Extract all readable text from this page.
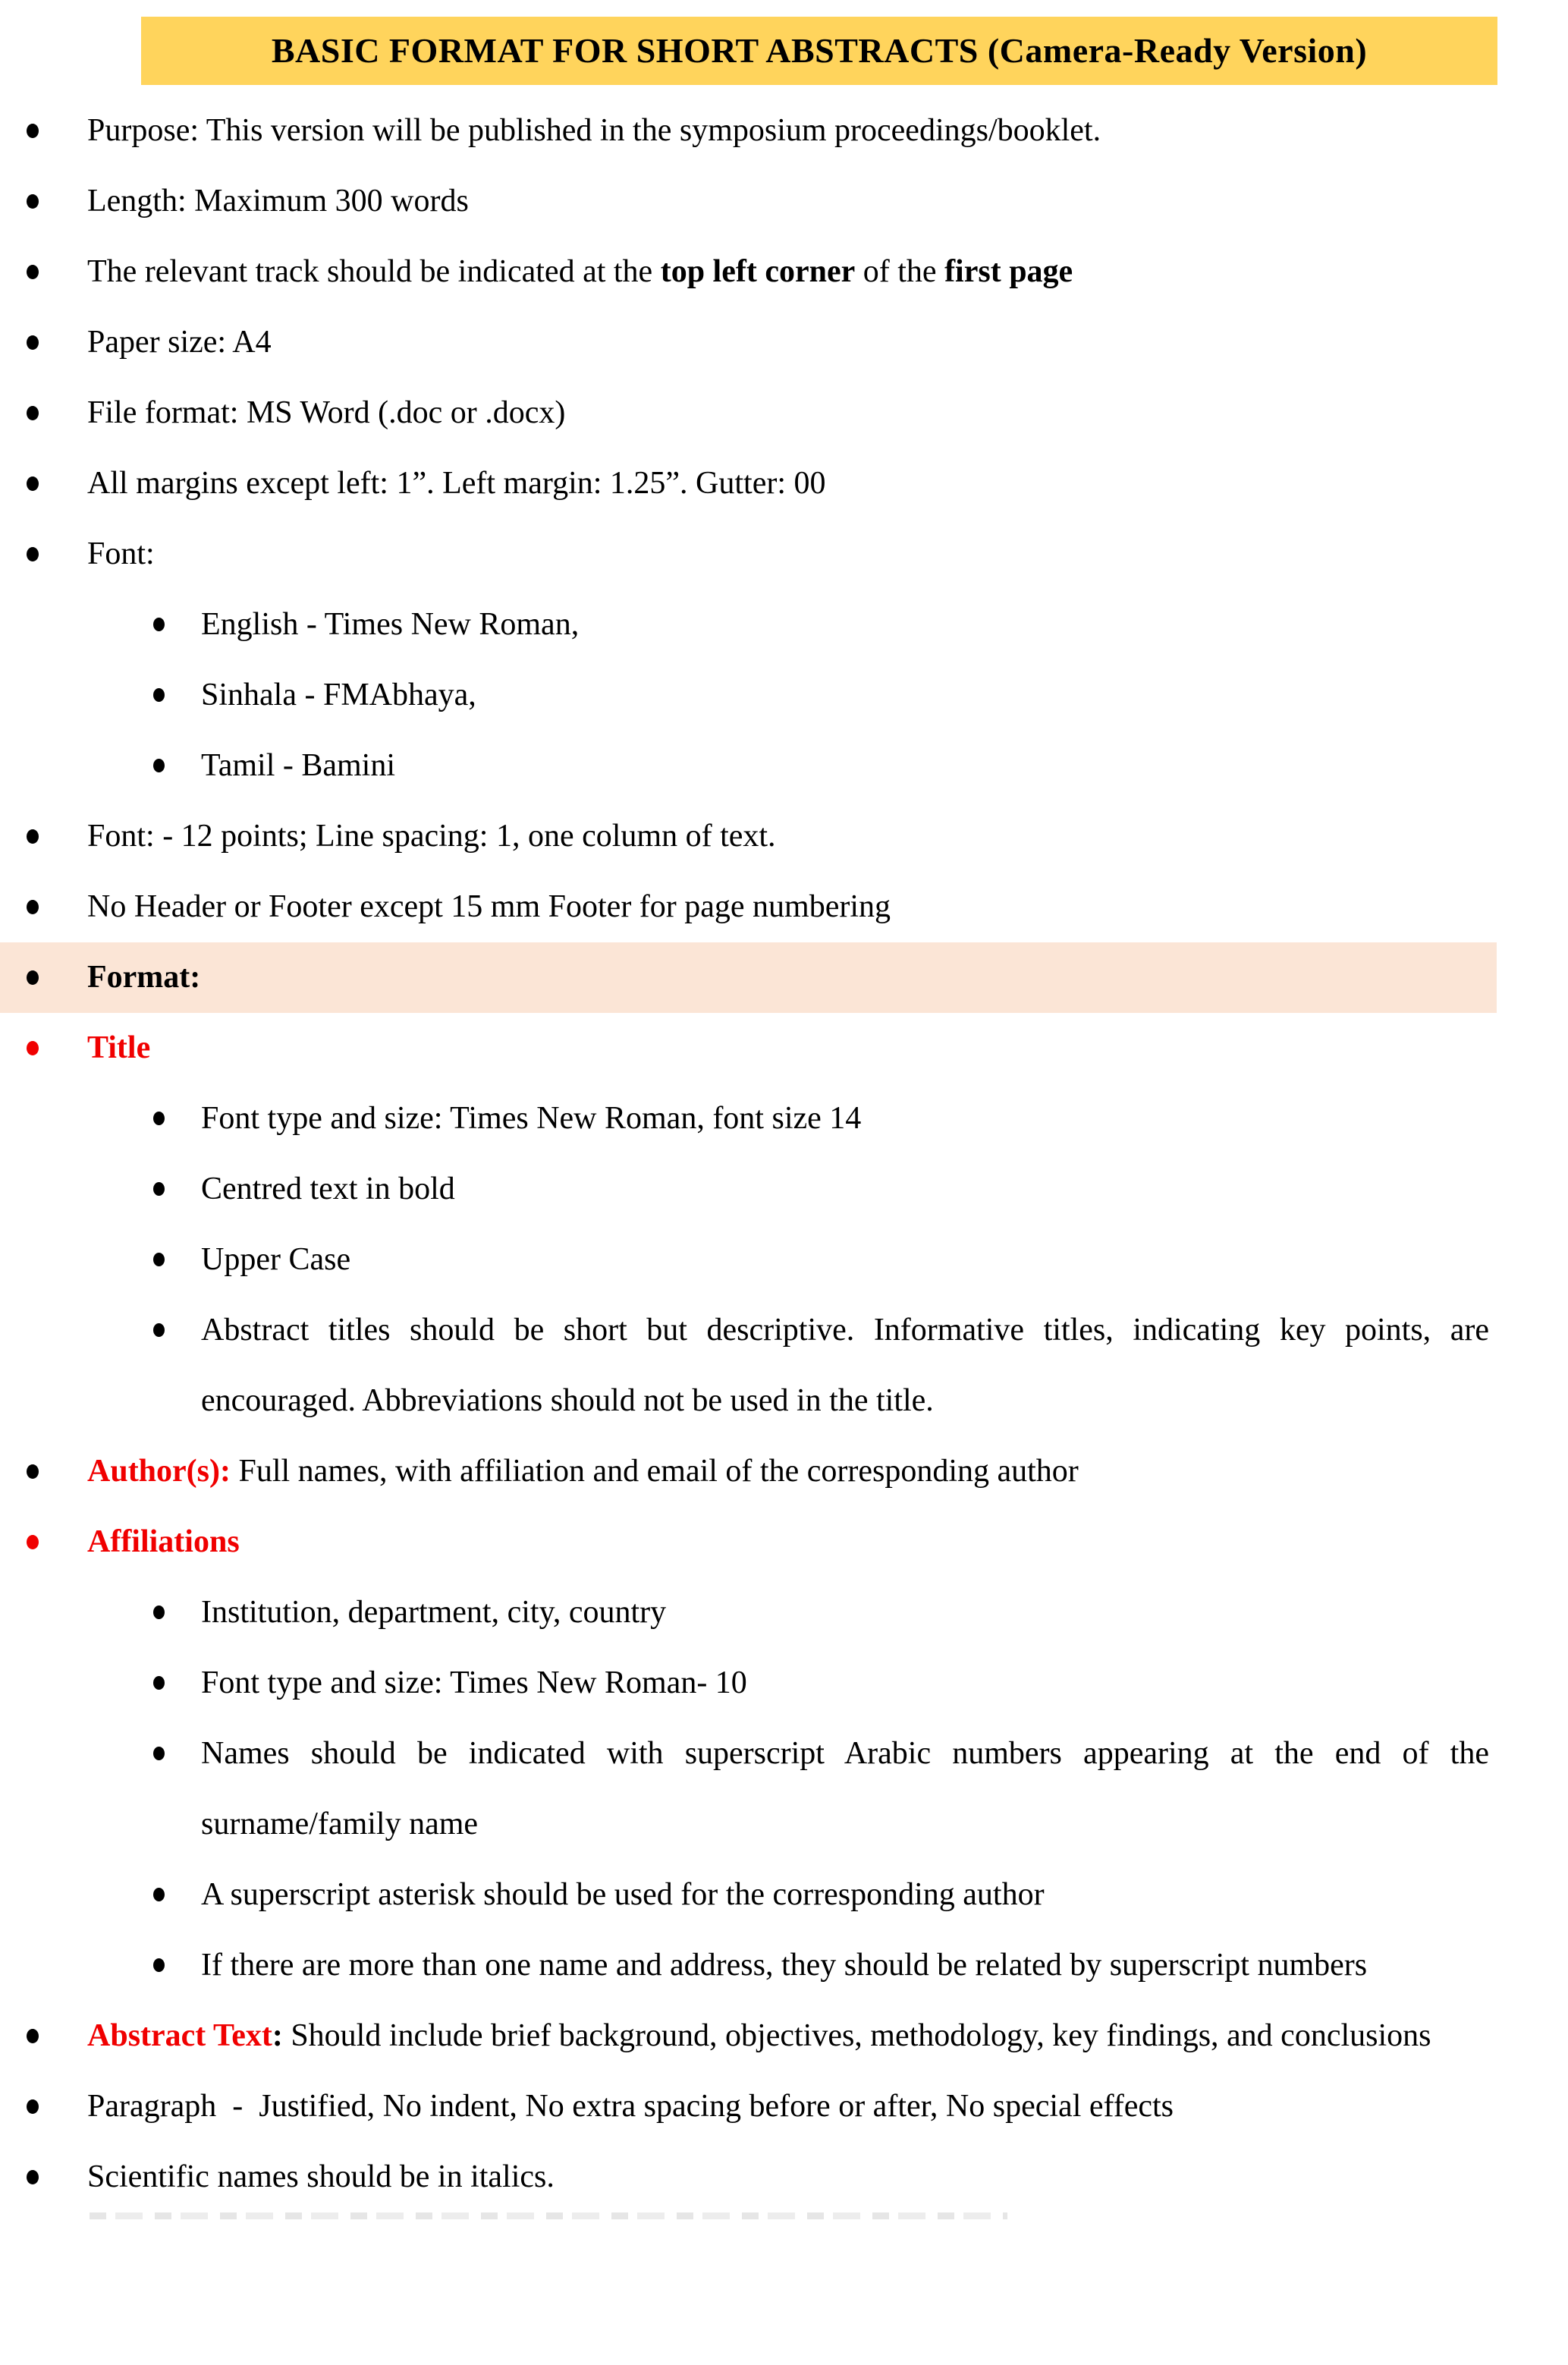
BASIC FORMAT FOR SHORT ABSTRACTS (Camera-Ready Version)
Purpose: This version will be published in the symposium proceedings/booklet.
Length: Maximum 300 words
The relevant track should be indicated at the top left corner of the first page
Paper size: A4
File format: MS Word (.doc or .docx)
All margins except left: 1”. Left margin: 1.25”. Gutter: 00
Font:
English - Times New Roman,
Sinhala - FMAbhaya,
Tamil - Bamini
Font: - 12 points; Line spacing: 1, one column of text.
No Header or Footer except 15 mm Footer for page numbering
Format:
Title
Font type and size: Times New Roman, font size 14
Centred text in bold
Upper Case
Abstract titles should be short but descriptive. Informative titles, indicating key points, are encouraged. Abbreviations should not be used in the title.
Author(s): Full names, with affiliation and email of the corresponding author
Affiliations
Institution, department, city, country
Font type and size: Times New Roman- 10
Names should be indicated with superscript Arabic numbers appearing at the end of the surname/family name
A superscript asterisk should be used for the corresponding author
If there are more than one name and address, they should be related by superscript numbers
Abstract Text: Should include brief background, objectives, methodology, key findings, and conclusions
Paragraph  -  Justified, No indent, No extra spacing before or after, No special effects
Scientific names should be in italics.
